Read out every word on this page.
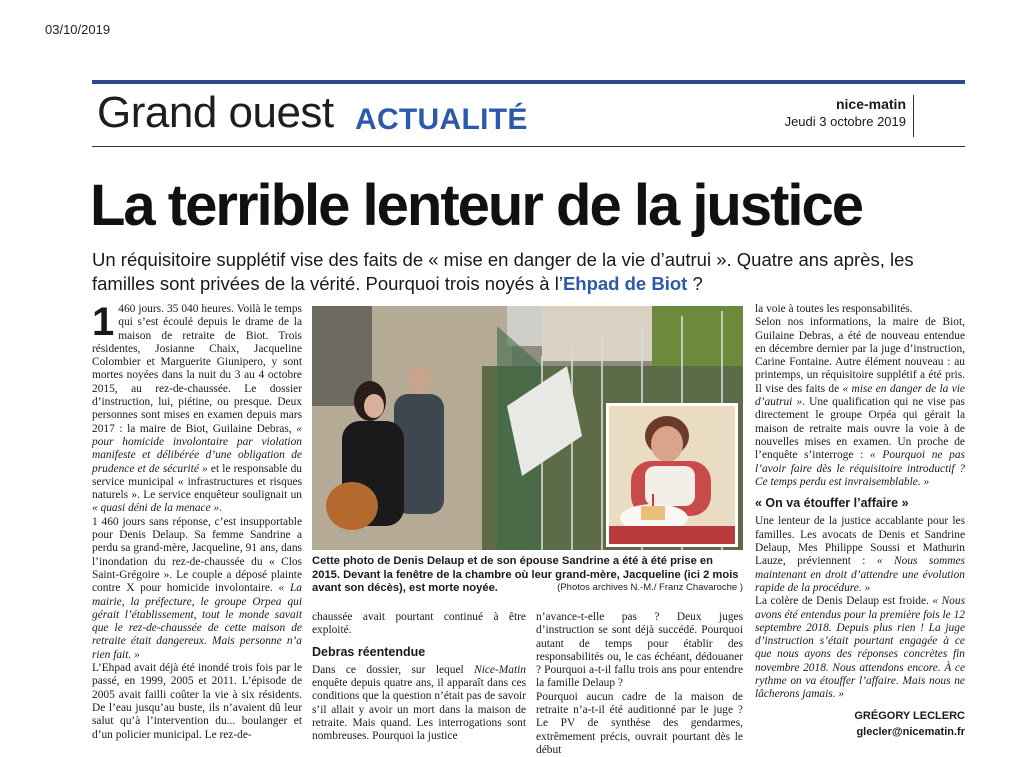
03/10/2019
Grand ouest ACTUALITÉ	nice-matin
Jeudi 3 octobre 2019
La terrible lenteur de la justice
Un réquisitoire supplétif vise des faits de « mise en danger de la vie d’autrui ». Quatre ans après, les familles sont privées de la vérité. Pourquoi trois noyés à l’Ehpad de Biot ?

1 460 jours. 35 040 heures. Voilà le temps qui s’est écoulé depuis le drame de la maison de retraite de Biot. Trois résidentes, Josianne Chaix, Jacqueline Colombier et Marguerite Giunipero, y sont mortes noyées dans la nuit du 3 au 4 octobre 2015, au rez-de-chaussée. Le dossier d’instruction, lui, piétine, ou presque. Deux personnes sont mises en examen depuis mars 2017 : la maire de Biot, Guilaine Debras, « pour homicide involontaire par violation manifeste et délibérée d’une obligation de prudence et de sécurité » et le responsable du service municipal « infrastructures et risques naturels ». Le service enquêteur soulignait un « quasi déni de la menace ».

1 460 jours sans réponse, c’est insupportable pour Denis Delaup. Sa femme Sandrine a perdu sa grand-mère, Jacqueline, 91 ans, dans l’inondation du rez-de-chaussée du « Clos Saint-Grégoire ». Le couple a déposé plainte contre X pour homicide involontaire. « La mairie, la préfecture, le groupe Orpea qui gérait l’établissement, tout le monde savait que le rez-de-chaussée de cette maison de retraite était dangereux. Mais personne n’a rien fait. »

L’Ehpad avait déjà été inondé trois fois par le passé, en 1999, 2005 et 2011. L’épisode de 2005 avait failli coûter la vie à six résidents. De l’eau jusqu’au buste, ils n’avaient dû leur salut qu’à l’intervention du... boulanger et d’un policier municipal. Le rez-de-

Cette photo de Denis Delaup et de son épouse Sandrine a été à été prise en 2015. Devant la fenêtre de la chambre où leur grand-mère, Jacqueline (ici 2 mois avant son décès), est morte noyée.	(Photos archives N.-M./ Franz Chavaroche )

chaussée avait pourtant continué à être exploité.

Debras réentendue

Dans ce dossier, sur lequel Nice-Matin enquête depuis quatre ans, il apparaît dans ces conditions que la question n’était pas de savoir s’il allait y avoir un mort dans la maison de retraite. Mais quand. Les interrogations sont nombreuses. Pourquoi la justice

n’avance-t-elle pas ? Deux juges d’instruction se sont déjà succédé. Pourquoi autant de temps pour établir des responsabilités ou, le cas échéant, dédouaner ? Pourquoi a-t-il fallu trois ans pour entendre la famille Delaup ?

Pourquoi aucun cadre de la maison de retraite n’a-t-il été auditionné par le juge ? Le PV de synthèse des gendarmes, extrêmement précis, ouvrait pourtant dès le début

la voie à toutes les responsabilités.

Selon nos informations, la maire de Biot, Guilaine Debras, a été de nouveau entendue en décembre dernier par la juge d’instruction, Carine Fontaine. Autre élément nouveau : au printemps, un réquisitoire supplétif a été pris. Il vise des faits de « mise en danger de la vie d’autrui ». Une qualification qui ne vise pas directement le groupe Orpéa qui gérait la maison de retraite mais ouvre la voie à de nouvelles mises en examen. Un proche de l’enquête s’interroge : « Pourquoi ne pas l’avoir faire dès le réquisitoire introductif ? Ce temps perdu est invraisemblable. »

« On va étouffer l’affaire »

Une lenteur de la justice accablante pour les familles. Les avocats de Denis et Sandrine Delaup, Mes Philippe Soussi et Mathurin Lauze, préviennent : « Nous sommes maintenant en droit d’attendre une évolution rapide de la procédure. »

La colère de Denis Delaup est froide. « Nous avons été entendus pour la première fois le 12 septembre 2018. Depuis plus rien ! La juge d’instruction s’était pourtant engagée à ce que nous ayons des réponses concrètes fin novembre 2018. Nous attendons encore. À ce rythme on va étouffer l’affaire. Mais nous ne lâcherons jamais. »

GRÉGORY LECLERC
glecler@nicematin.fr
